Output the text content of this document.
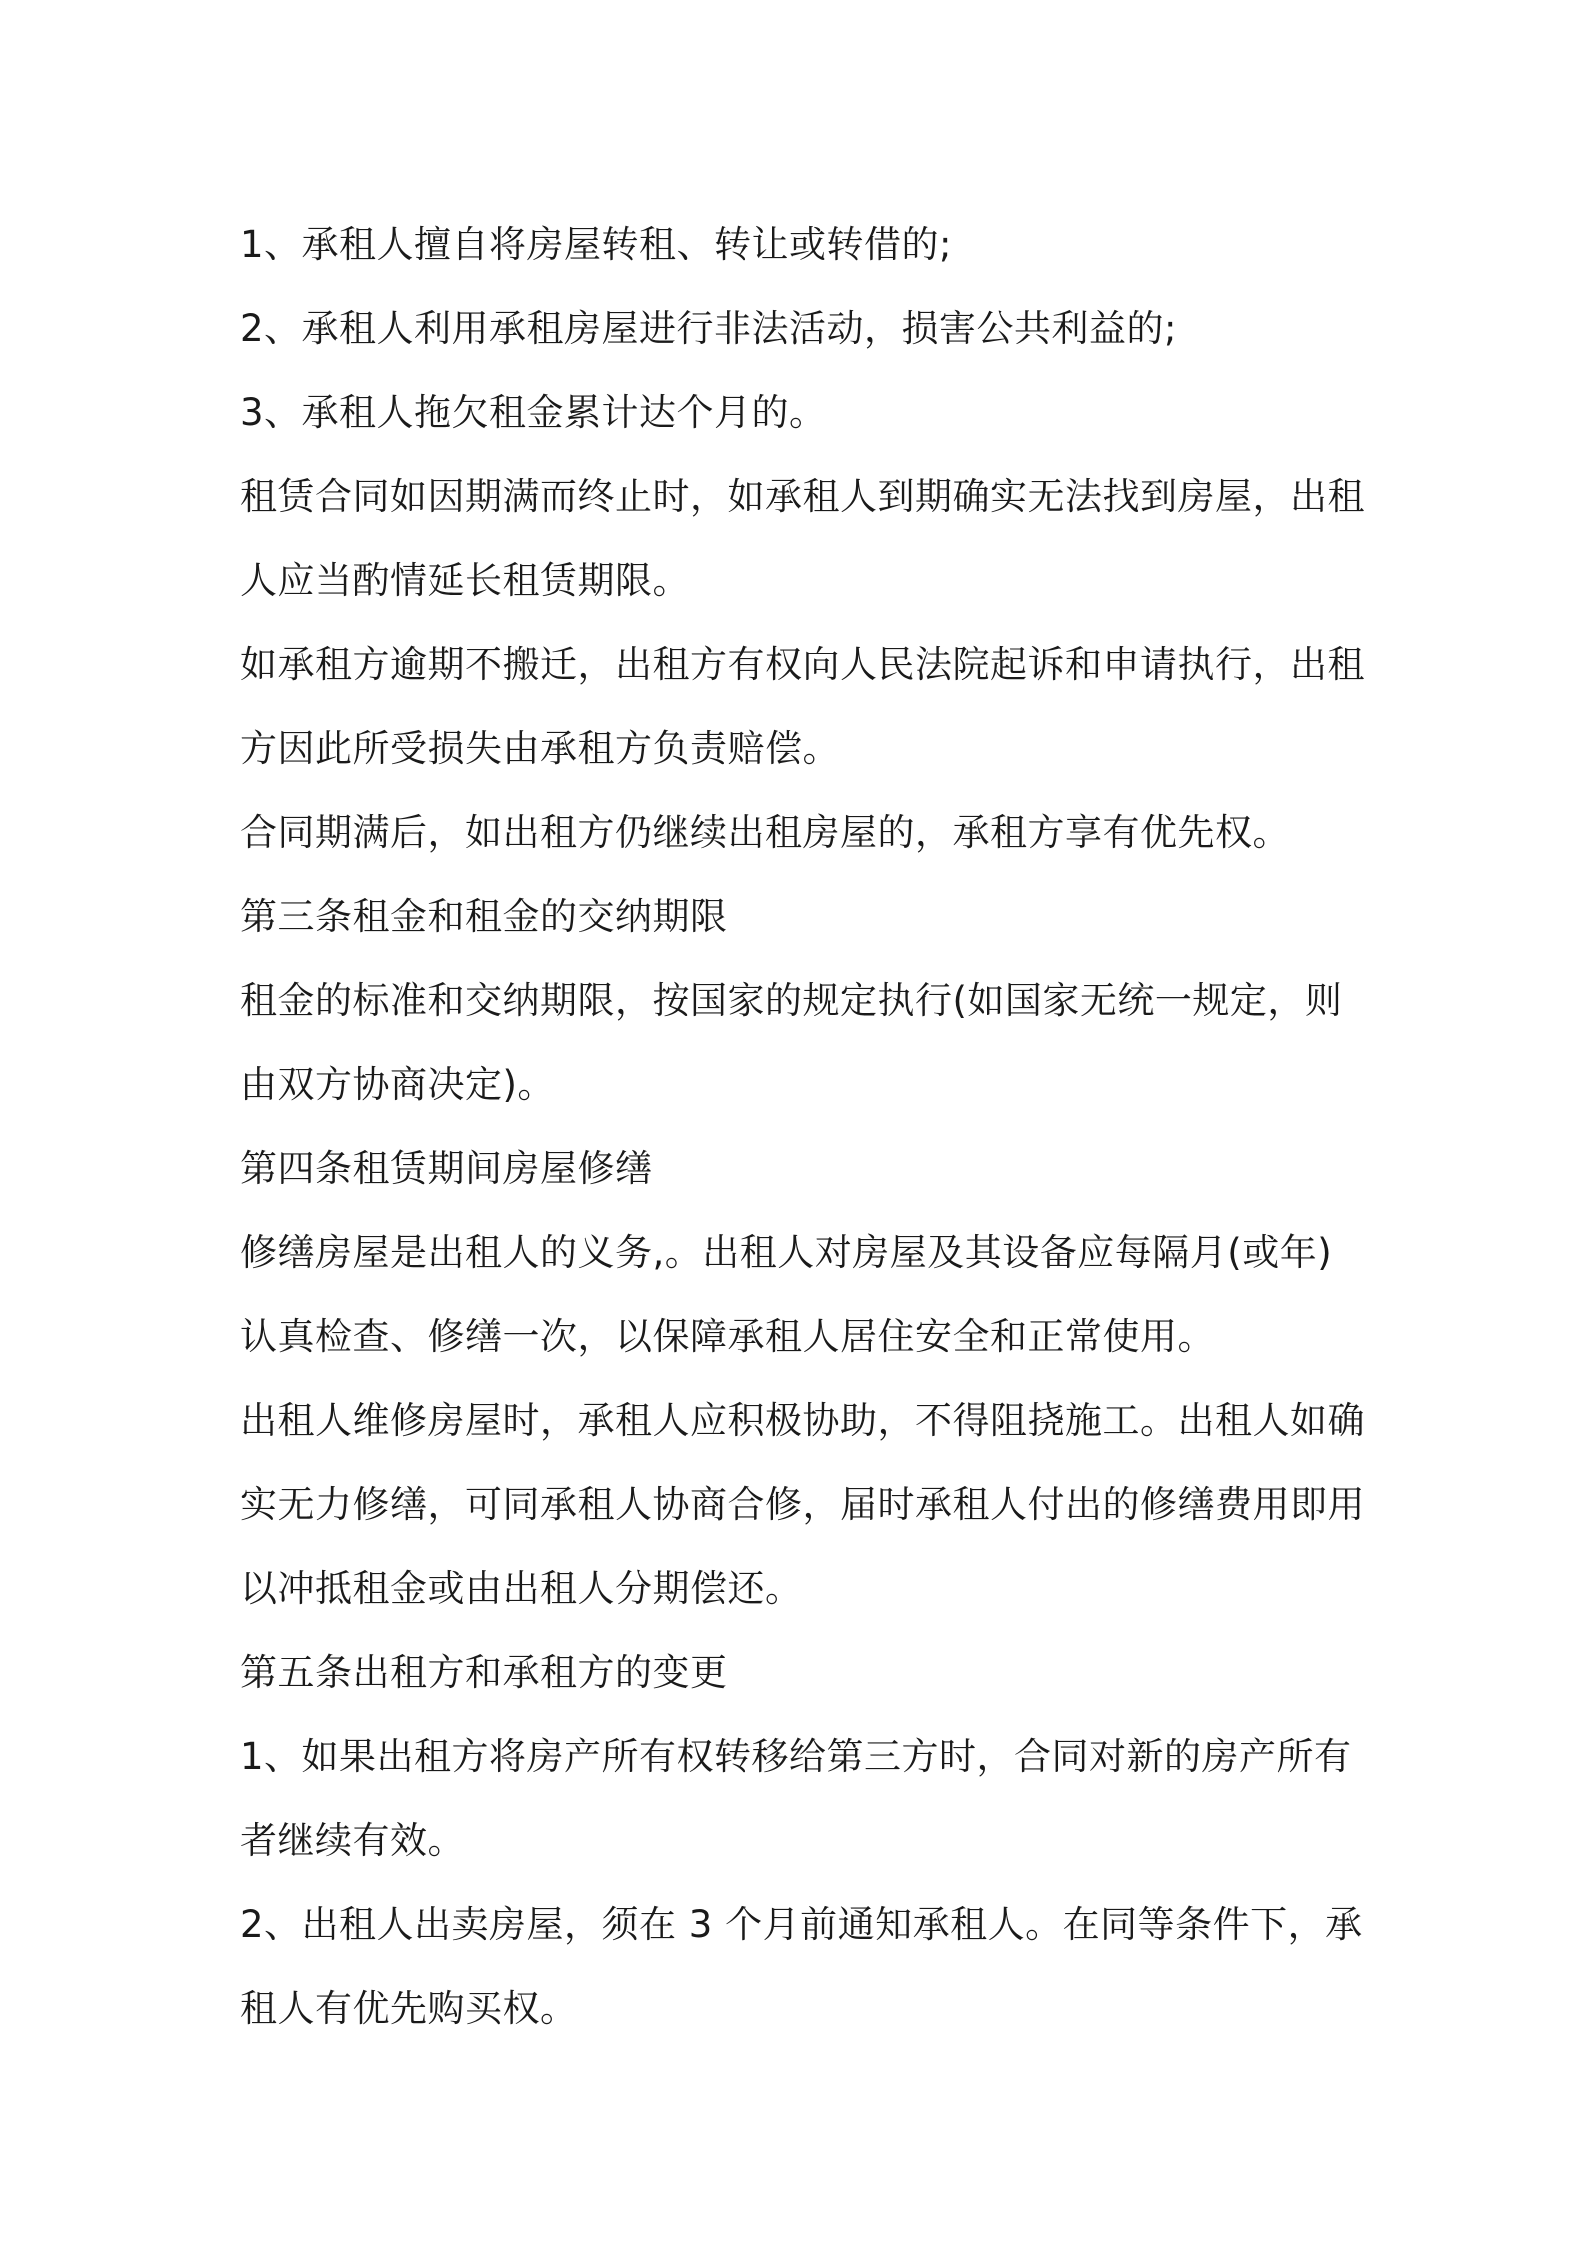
1、承租人擅自将房屋转租、转让或转借的;
2、承租人利用承租房屋进行非法活动，损害公共利益的;
3、承租人拖欠租金累计达个月的。
租赁合同如因期满而终止时，如承租人到期确实无法找到房屋，出租
人应当酌情延长租赁期限。
如承租方逾期不搬迁，出租方有权向人民法院起诉和申请执行，出租
方因此所受损失由承租方负责赔偿。
合同期满后，如出租方仍继续出租房屋的，承租方享有优先权。
第三条租金和租金的交纳期限
租金的标准和交纳期限，按国家的规定执行(如国家无统一规定，则
由双方协商决定)。
第四条租赁期间房屋修缮
修缮房屋是出租人的义务,。出租人对房屋及其设备应每隔月(或年)
认真检查、修缮一次，以保障承租人居住安全和正常使用。
出租人维修房屋时，承租人应积极协助，不得阻挠施工。出租人如确
实无力修缮，可同承租人协商合修，届时承租人付出的修缮费用即用
以冲抵租金或由出租人分期偿还。
第五条出租方和承租方的变更
1、如果出租方将房产所有权转移给第三方时，合同对新的房产所有
者继续有效。
2、出租人出卖房屋，须在 3 个月前通知承租人。在同等条件下，承
租人有优先购买权。
